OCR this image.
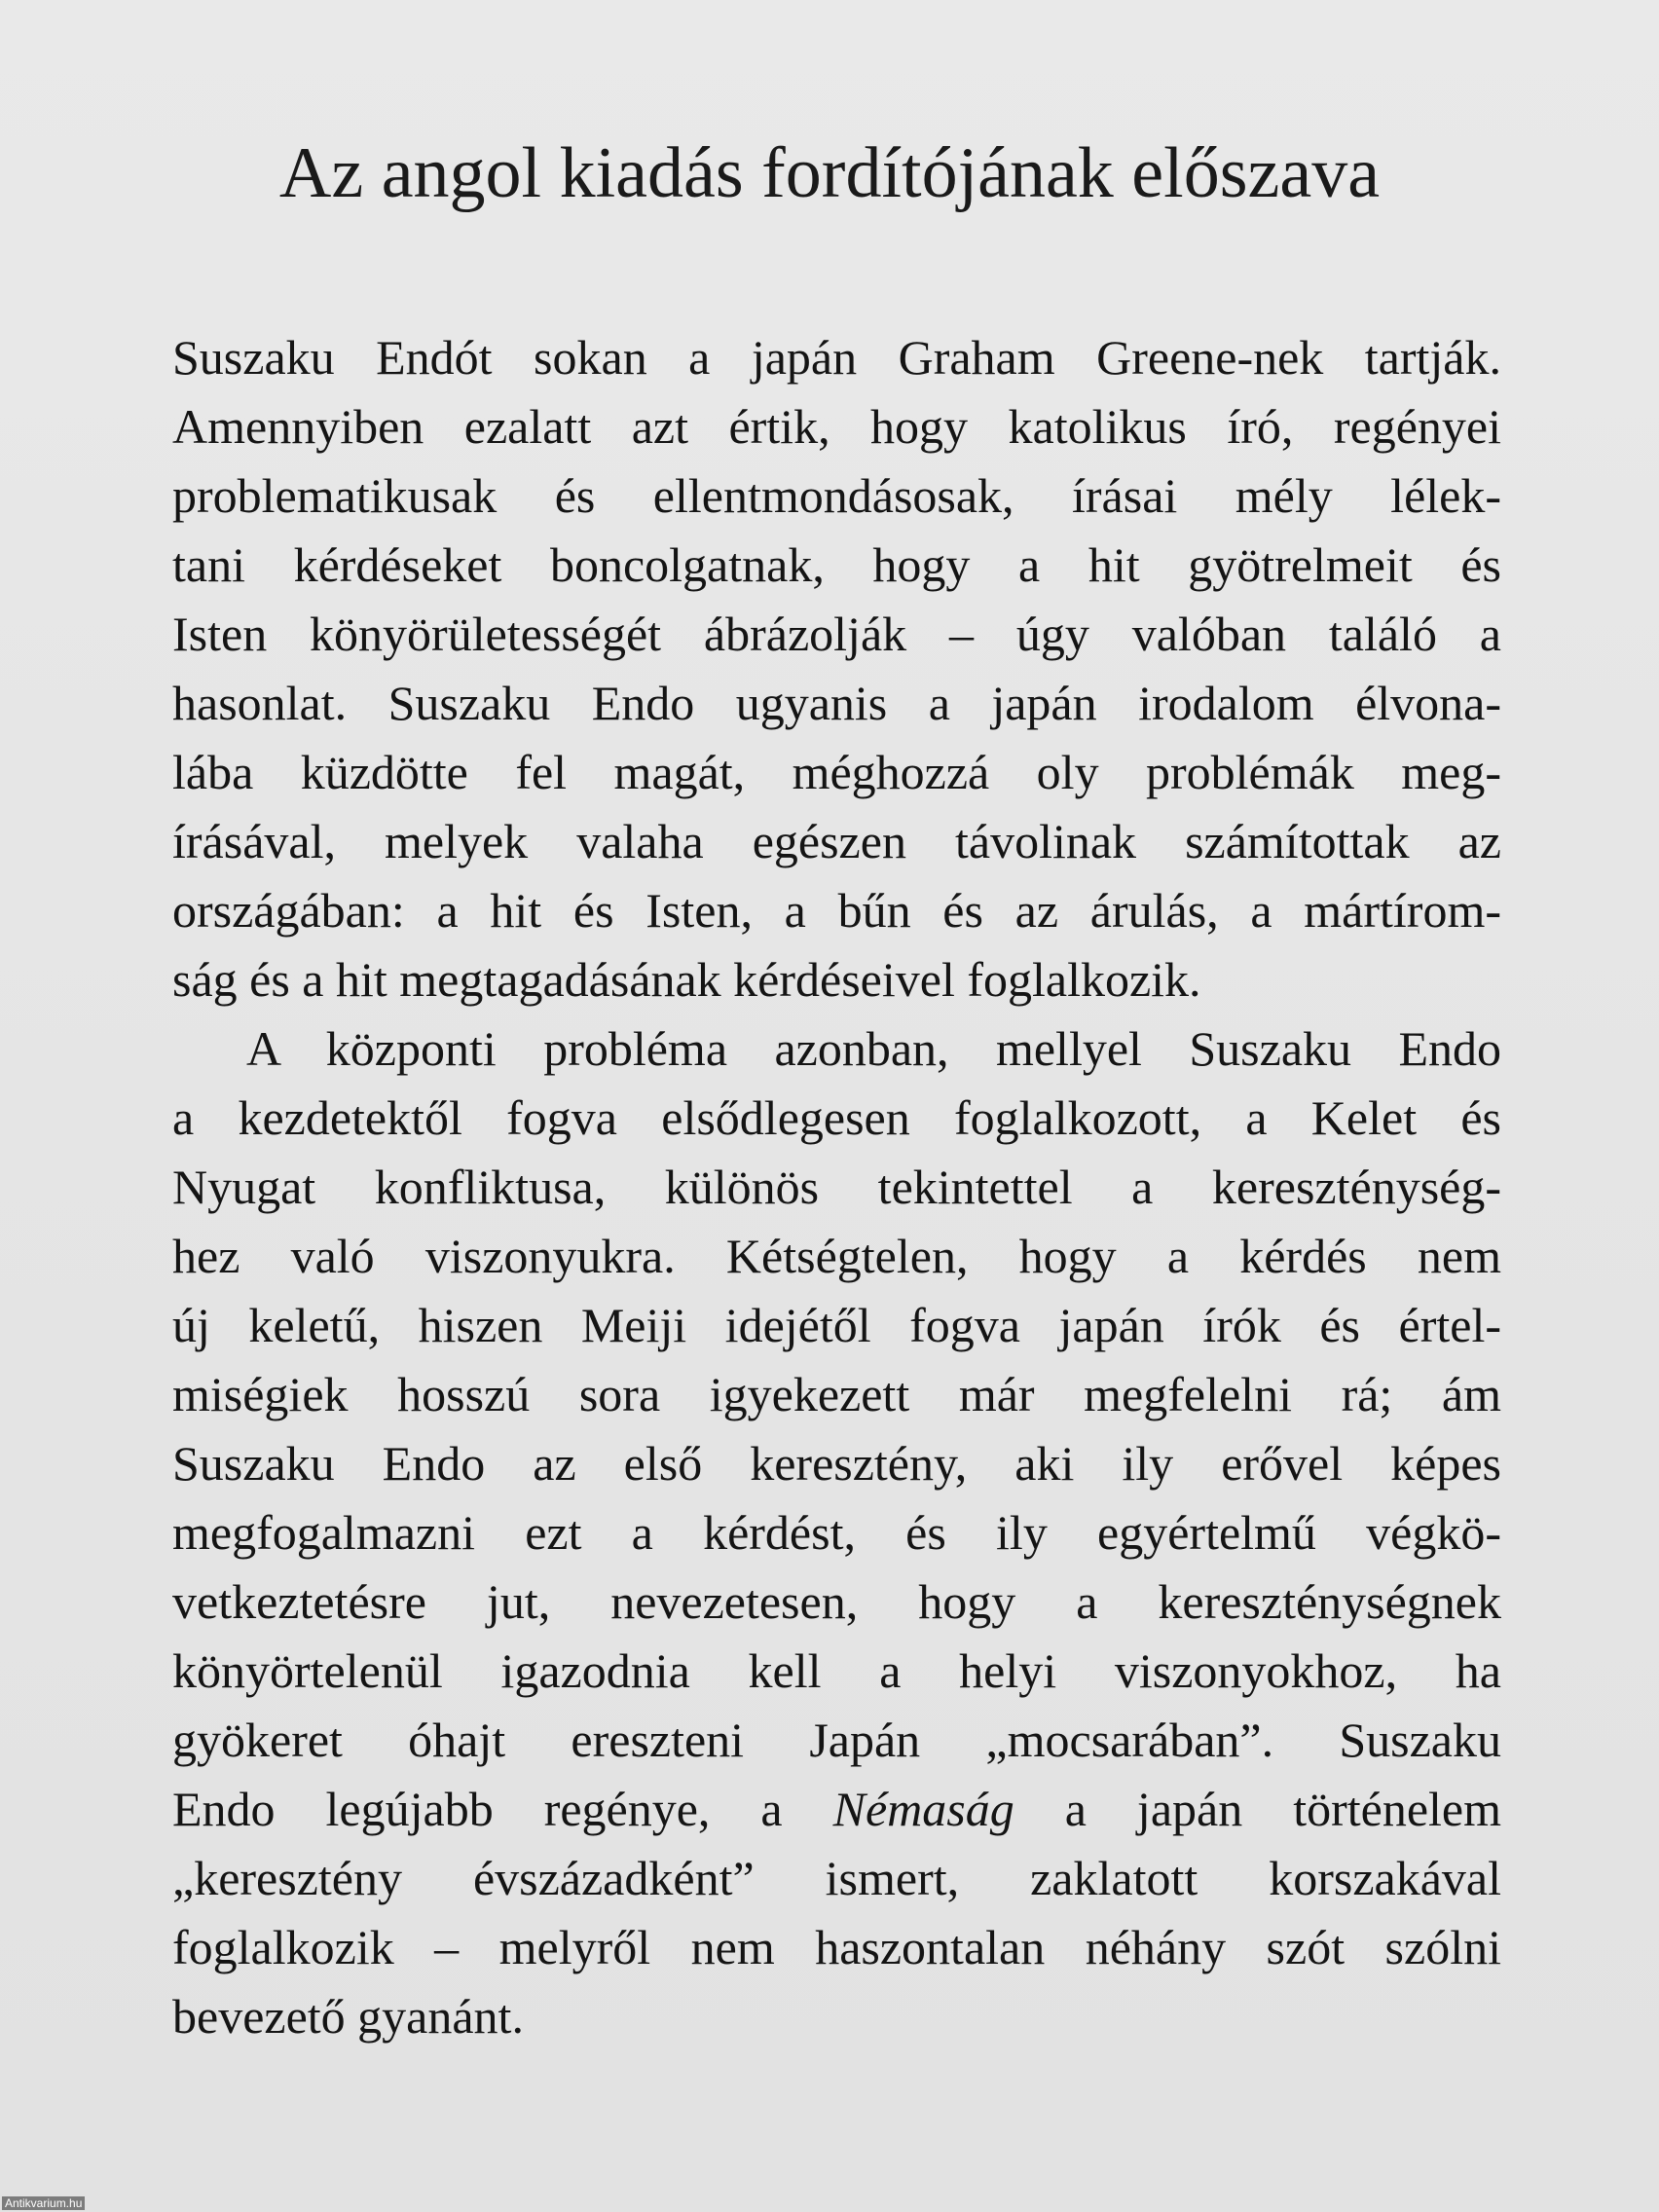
Az angol kiadás fordítójának előszava
Suszaku Endót sokan a japán Graham Greene-nek tartják.
Amennyiben ezalatt azt értik, hogy katolikus író, regényei
problematikusak és ellentmondásosak, írásai mély lélek-
tani kérdéseket boncolgatnak, hogy a hit gyötrelmeit és
Isten könyörületességét ábrázolják – úgy valóban találó a
hasonlat. Suszaku Endo ugyanis a japán irodalom élvona-
lába küzdötte fel magát, méghozzá oly problémák meg-
írásával, melyek valaha egészen távolinak számítottak az
országában: a hit és Isten, a bűn és az árulás, a mártírom-
ság és a hit megtagadásának kérdéseivel foglalkozik.
A központi probléma azonban, mellyel Suszaku Endo
a kezdetektől fogva elsődlegesen foglalkozott, a Kelet és
Nyugat konfliktusa, különös tekintettel a kereszténység-
hez való viszonyukra. Kétségtelen, hogy a kérdés nem
új keletű, hiszen Meiji idejétől fogva japán írók és értel-
miségiek hosszú sora igyekezett már megfelelni rá; ám
Suszaku Endo az első keresztény, aki ily erővel képes
megfogalmazni ezt a kérdést, és ily egyértelmű végkö-
vetkeztetésre jut, nevezetesen, hogy a kereszténységnek
könyörtelenül igazodnia kell a helyi viszonyokhoz, ha
gyökeret óhajt ereszteni Japán „mocsarában”. Suszaku
Endo legújabb regénye, a Némaság a japán történelem
„keresztény évszázadként” ismert, zaklatott korszakával
foglalkozik – melyről nem haszontalan néhány szót szólni
bevezető gyanánt.
Antikvarium.hu
